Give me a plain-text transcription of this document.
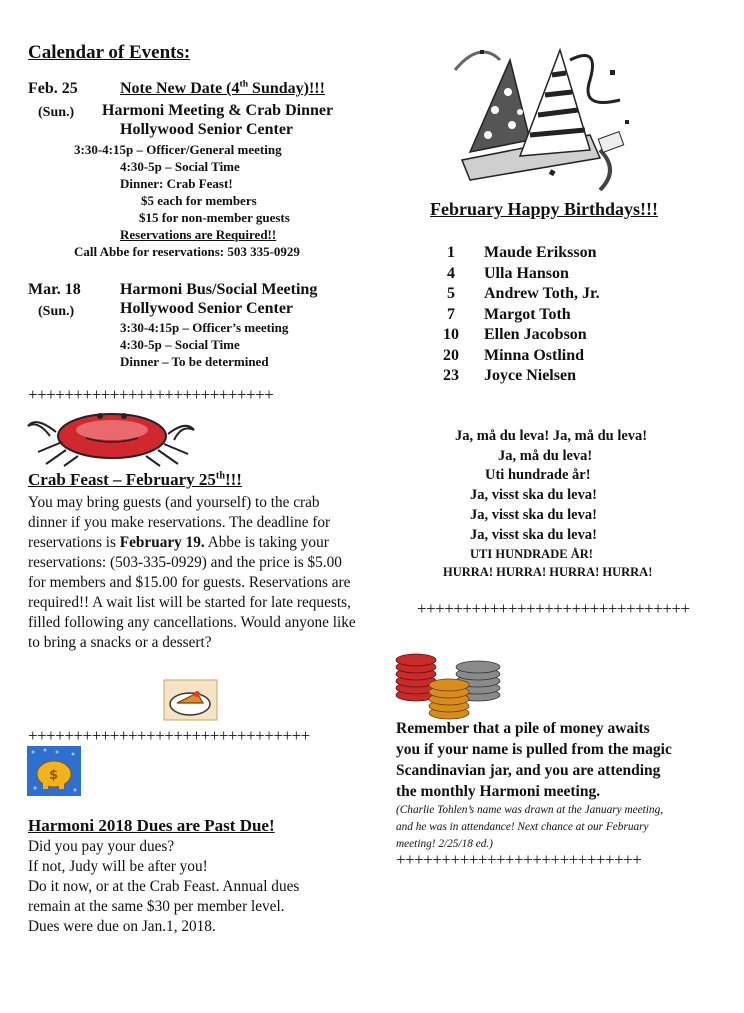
Calendar of Events:
Feb. 25	Note New Date (4th Sunday)!!!
(Sun.) Harmoni Meeting & Crab Dinner
Hollywood Senior Center
3:30-4:15p – Officer/General meeting
4:30-5p – Social Time
Dinner: Crab Feast!
$5 each for members
$15 for non-member guests
Reservations are Required!!
Call Abbe for reservations: 503 335-0929
Mar. 18 Harmoni Bus/Social Meeting
(Sun.)	Hollywood Senior Center
3:30-4:15p – Officer’s meeting
4:30-5p – Social Time
Dinner – To be determined
+++++++++++++++++++++++++++
Crab Feast – February 25th!!!
You may bring guests (and yourself) to the crab dinner if you make reservations. The deadline for reservations is February 19. Abbe is taking your reservations: (503-335-0929) and the price is $5.00 for members and $15.00 for guests. Reservations are required!! A wait list will be started for late requests, filled following any cancellations. Would anyone like to bring a snacks or a dessert?
+++++++++++++++++++++++++++++++
$
Harmoni 2018 Dues are Past Due!
Did you pay your dues?
If not, Judy will be after you!
Do it now, or at the Crab Feast. Annual dues
remain at the same $30 per member level.
Dues were due on Jan.1, 2018.
February Happy Birthdays!!!
1	Maude Eriksson
4	Ulla Hanson
5	Andrew Toth, Jr.
7	Margot Toth
10	Ellen Jacobson
20	Minna Ostlind
23	Joyce Nielsen
Ja, må du leva! Ja, må du leva!
Ja, må du leva!
Uti hundrade år!
Ja, visst ska du leva!
Ja, visst ska du leva!
Ja, visst ska du leva!
UTI HUNDRADE ÅR!
HURRA! HURRA! HURRA! HURRA!
++++++++++++++++++++++++++++++
Remember that a pile of money awaits
you if your name is pulled from the magic
Scandinavian jar, and you are attending
the monthly Harmoni meeting.
(Charlie Tohlen’s name was drawn at the January meeting,
and he was in attendance! Next chance at our February
meeting! 2/25/18 ed.)
+++++++++++++++++++++++++++
